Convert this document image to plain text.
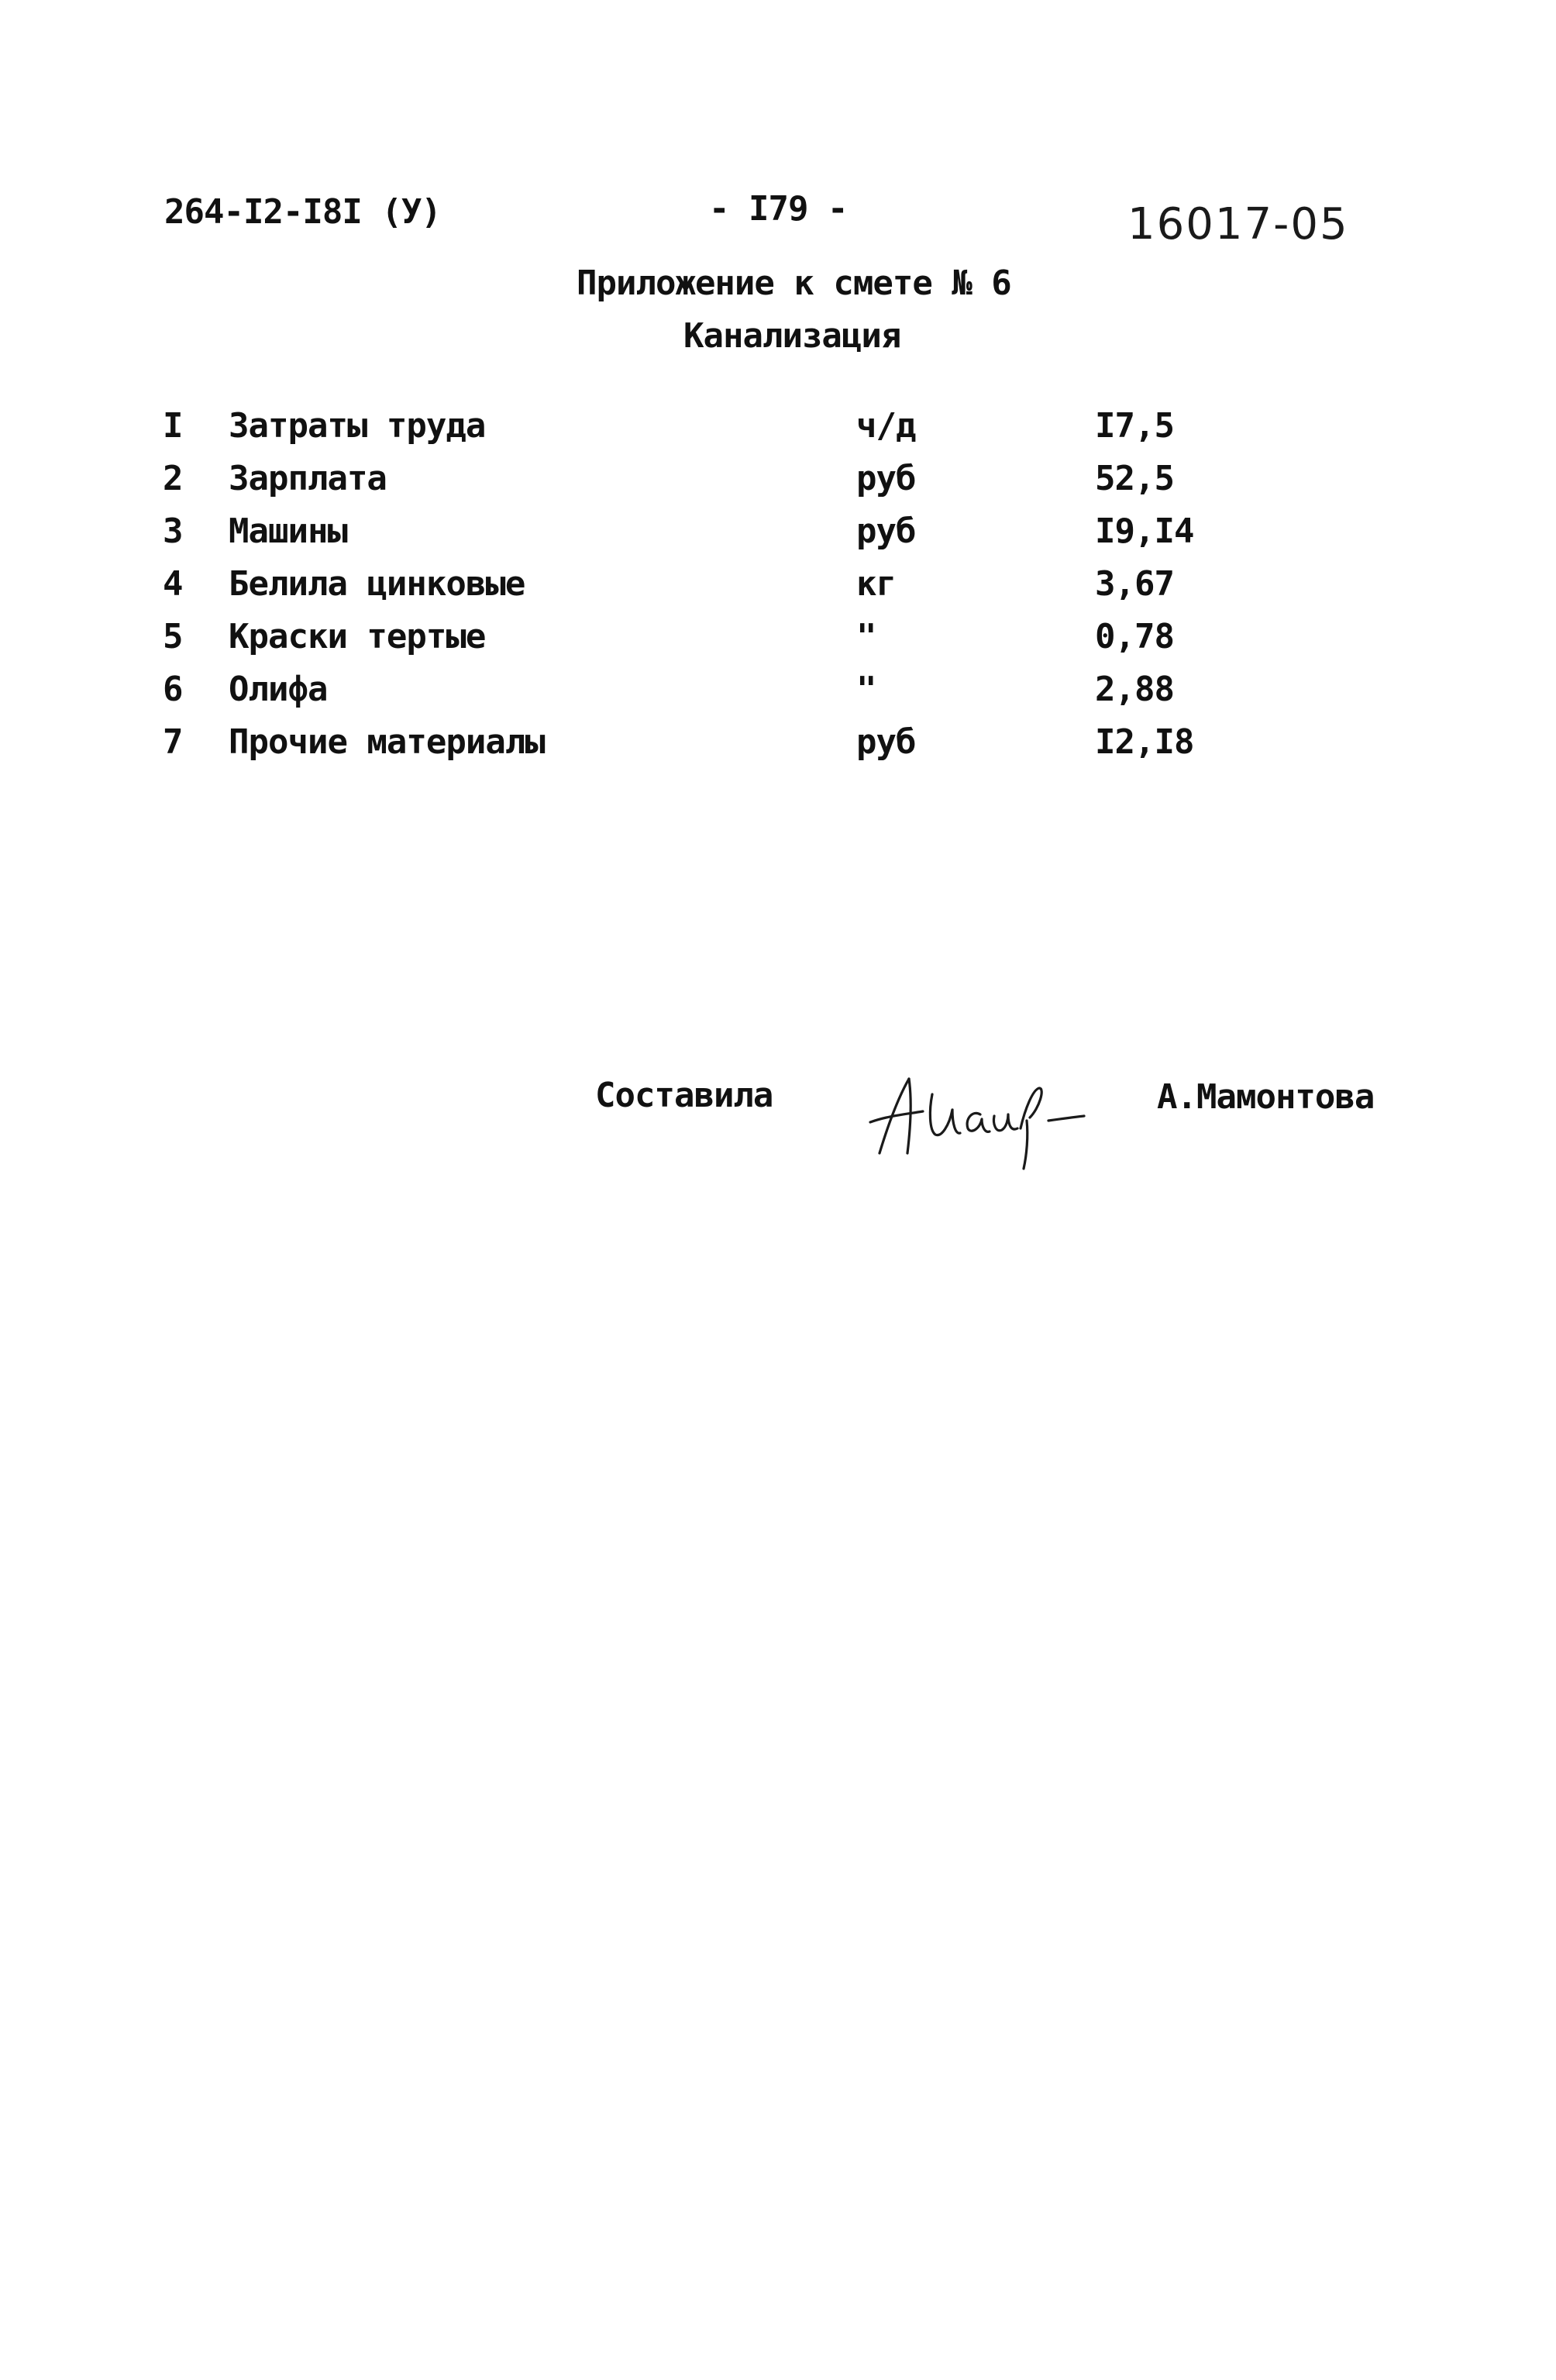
264-I2-I8I (У)	- I79 -	16017-05
Приложение к смете № 6
Канализация
I Затраты труда	ч/д	I7,5
2 Зарплата	руб	52,5
3 Машины	руб	I9,I4
4 Белила цинковые	кг	3,67
5 Краски тертые	"	0,78
6 Олифа	"	2,88
7 Прочие материалы	руб	I2,I8
Составила	А.Мамонтова
